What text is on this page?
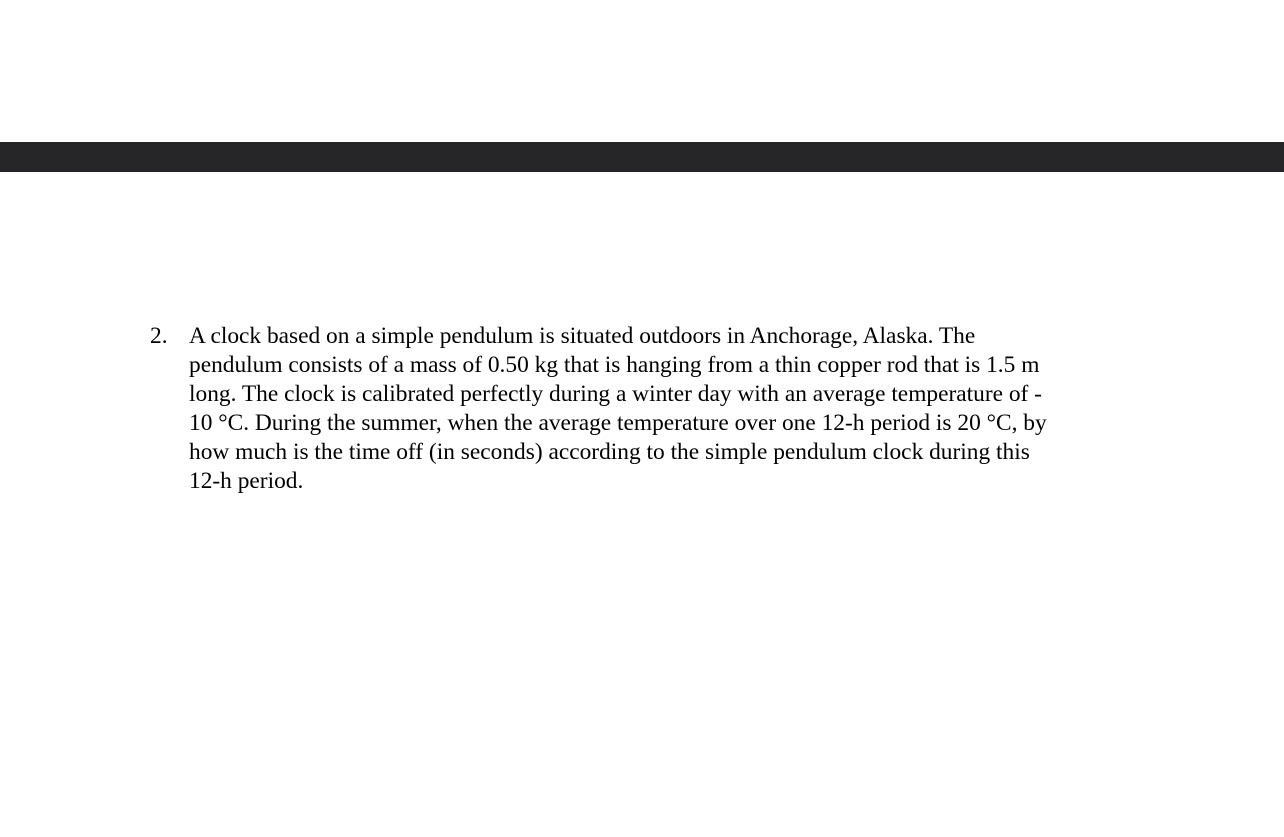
2. A clock based on a simple pendulum is situated outdoors in Anchorage, Alaska. The
pendulum consists of a mass of 0.50 kg that is hanging from a thin copper rod that is 1.5 m
long. The clock is calibrated perfectly during a winter day with an average temperature of -
10 °C. During the summer, when the average temperature over one 12-h period is 20 °C, by
how much is the time off (in seconds) according to the simple pendulum clock during this
12-h period.
